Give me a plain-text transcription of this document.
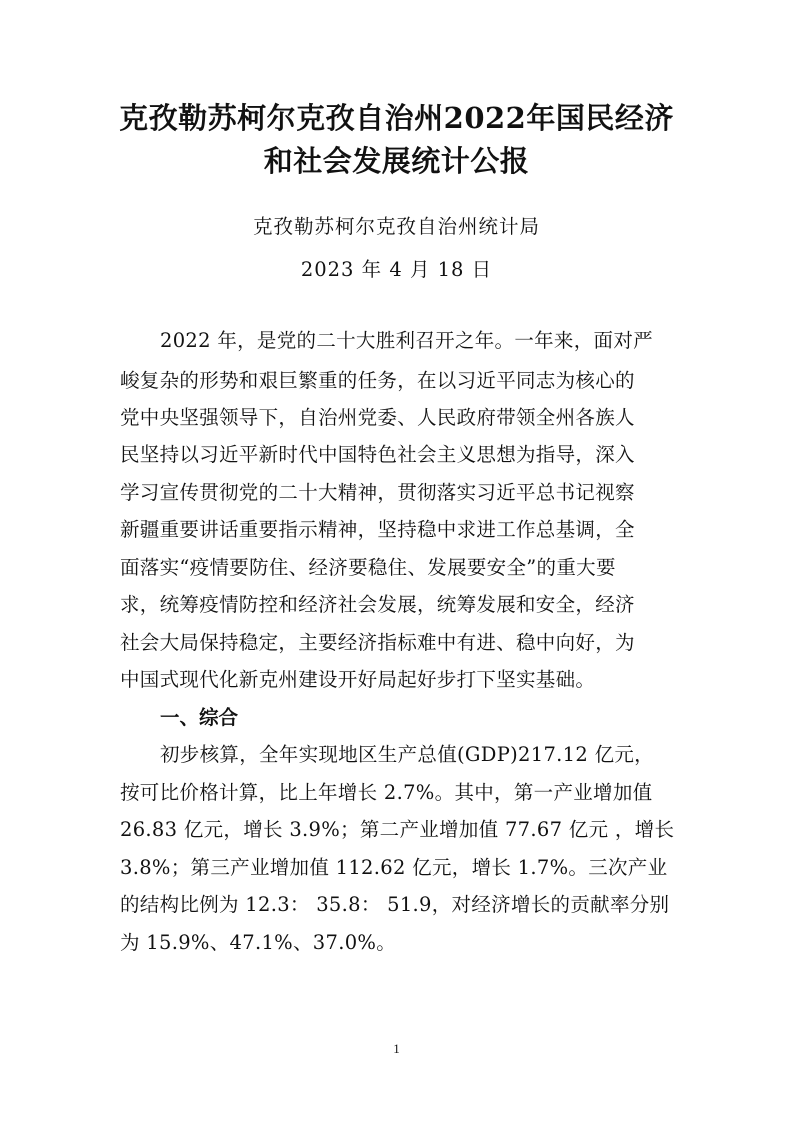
克孜勒苏柯尔克孜自治州2022年国民经济
和社会发展统计公报
克孜勒苏柯尔克孜自治州统计局
2023 年 4 月 18 日
2022 年，是党的二十大胜利召开之年。一年来，面对严
峻复杂的形势和艰巨繁重的任务，在以习近平同志为核心的
党中央坚强领导下，自治州党委、人民政府带领全州各族人
民坚持以习近平新时代中国特色社会主义思想为指导，深入
学习宣传贯彻党的二十大精神，贯彻落实习近平总书记视察
新疆重要讲话重要指示精神，坚持稳中求进工作总基调，全
面落实“疫情要防住、经济要稳住、发展要安全”的重大要
求，统筹疫情防控和经济社会发展，统筹发展和安全，经济
社会大局保持稳定，主要经济指标难中有进、稳中向好，为
中国式现代化新克州建设开好局起好步打下坚实基础。
一、综合
初步核算，全年实现地区生产总值(GDP)217.12 亿元，
按可比价格计算，比上年增长 2.7%。其中，第一产业增加值
26.83 亿元，增长 3.9%；第二产业增加值 77.67 亿元 ，增长
3.8%；第三产业增加值 112.62 亿元，增长 1.7%。三次产业
的结构比例为 12.3： 35.8： 51.9，对经济增长的贡献率分别
为 15.9%、47.1%、37.0%。
1
